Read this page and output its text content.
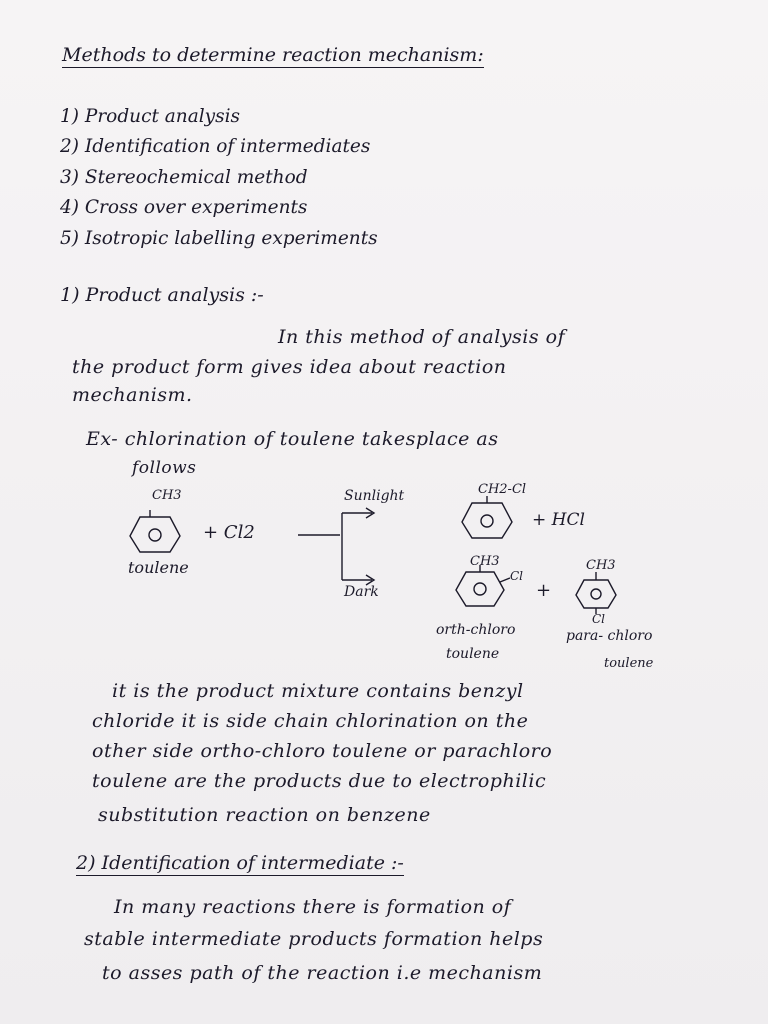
Methods to determine reaction mechanism:
1) Product analysis
2) Identification of intermediates
3) Stereochemical method
4) Cross over experiments
5) Isotropic labelling experiments
1) Product analysis :-
In this method of analysis of
the product form gives idea about reaction
mechanism.
Ex- chlorination of toulene takesplace as
follows
CH3
toulene
+ Cl2
Sunlight
Dark
CH2-Cl
+ HCl
CH3
Cl
+
CH3
Cl
orth-chloro
toulene
para- chloro
toulene
it is the product mixture contains benzyl
chloride it is side chain chlorination on the
other side ortho-chloro toulene or parachloro
toulene are the products due to electrophilic
substitution reaction on benzene
2) Identification of intermediate :-
In many reactions there is formation of
stable intermediate products formation helps
to asses path of the reaction i.e mechanism
